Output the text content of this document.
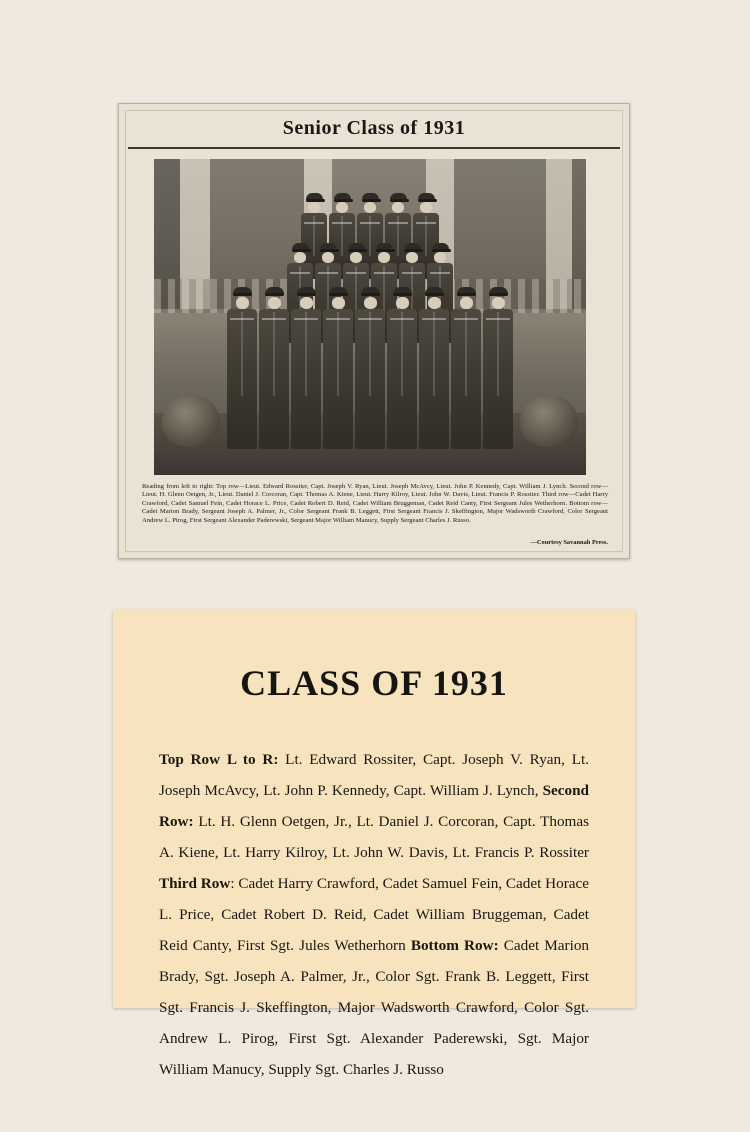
Senior Class of 1931
Reading from left to right: Top row—Lieut. Edward Rossiter, Capt. Joseph V. Ryan, Lieut. Joseph McAvcy, Lieut. John P. Kennedy, Capt. William J. Lynch. Second row—Lieut. H. Glenn Oetgen, Jr., Lieut. Daniel J. Corcoran, Capt. Thomas A. Kiene, Lieut. Harry Kilroy, Lieut. John W. Davis, Lieut. Francis P. Rossiter. Third row—Cadet Harry Crawford, Cadet Samuel Fein, Cadet Horace L. Price, Cadet Robert D. Reid, Cadet William Bruggeman, Cadet Reid Canty, First Sergeant Jules Wetherhorn. Bottom row—Cadet Marion Brady, Sergeant Joseph A. Palmer, Jr., Color Sergeant Frank B. Leggett, First Sergeant Francis J. Skeffington, Major Wadsworth Crawford, Color Sergeant Andrew L. Pirog, First Sergeant Alexander Paderewski, Sergeant Major William Manucy, Supply Sergeant Charles J. Russo.
—Courtesy Savannah Press.
CLASS OF 1931
Top Row L to R: Lt. Edward Rossiter, Capt. Joseph V. Ryan, Lt. Joseph McAvcy, Lt. John P. Kennedy, Capt. William J. Lynch, Second Row: Lt. H. Glenn Oetgen, Jr., Lt. Daniel J. Corcoran, Capt. Thomas A. Kiene, Lt. Harry Kilroy, Lt. John W. Davis, Lt. Francis P. Rossiter Third Row: Cadet Harry Crawford, Cadet Samuel Fein, Cadet Horace L. Price, Cadet Robert D. Reid, Cadet William Bruggeman, Cadet Reid Canty, First Sgt. Jules Wetherhorn Bottom Row: Cadet Marion Brady, Sgt. Joseph A. Palmer, Jr., Color Sgt. Frank B. Leggett, First Sgt. Francis J. Skeffington, Major Wadsworth Crawford, Color Sgt. Andrew L. Pirog, First Sgt. Alexander Paderewski, Sgt. Major William Manucy, Supply Sgt. Charles J. Russo
